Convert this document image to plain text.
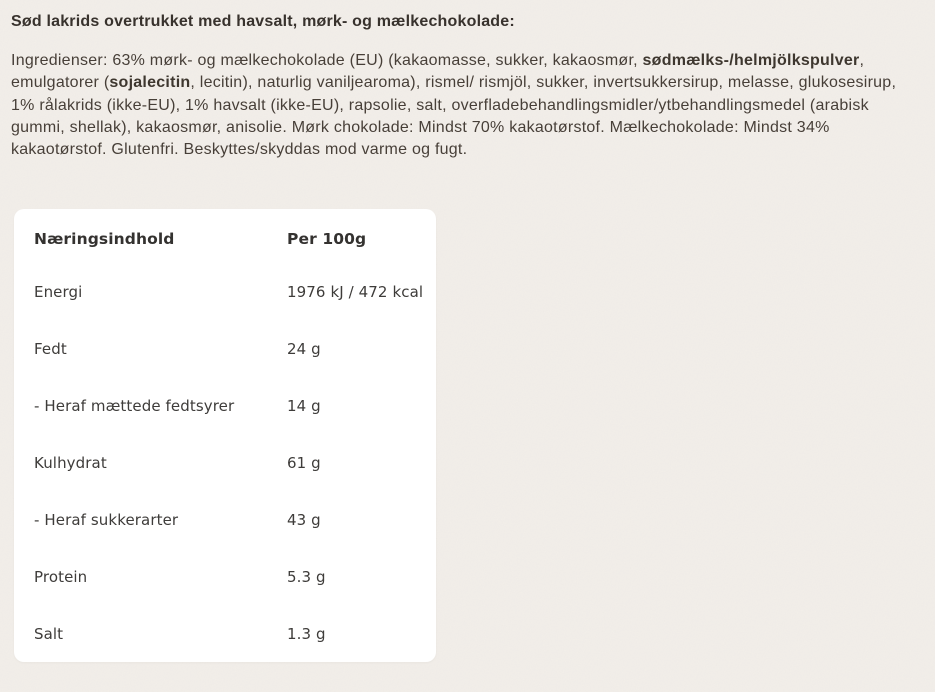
Sød lakrids overtrukket med havsalt, mørk- og mælkechokolade:

Ingredienser: 63% mørk- og mælkechokolade (EU) (kakaomasse, sukker, kakaosmør, sødmælks-/helmjölkspulver, emulgatorer (sojalecitin, lecitin), naturlig vaniljearoma), rismel/ rismjöl, sukker, invertsukkersirup, melasse, glukosesirup, 1% rålakrids (ikke-EU), 1% havsalt (ikke-EU), rapsolie, salt, overfladebehandlingsmidler/ytbehandlingsmedel (arabisk gummi, shellak), kakaosmør, anisolie. Mørk chokolade: Mindst 70% kakaotørstof. Mælkechokolade: Mindst 34% kakaotørstof. Glutenfri. Beskyttes/skyddas mod varme og fugt.

Næringsindhold	Per 100g
Energi	1976 kJ / 472 kcal
Fedt	24 g
- Heraf mættede fedtsyrer	14 g
Kulhydrat	61 g
- Heraf sukkerarter	43 g
Protein	5.3 g
Salt	1.3 g
